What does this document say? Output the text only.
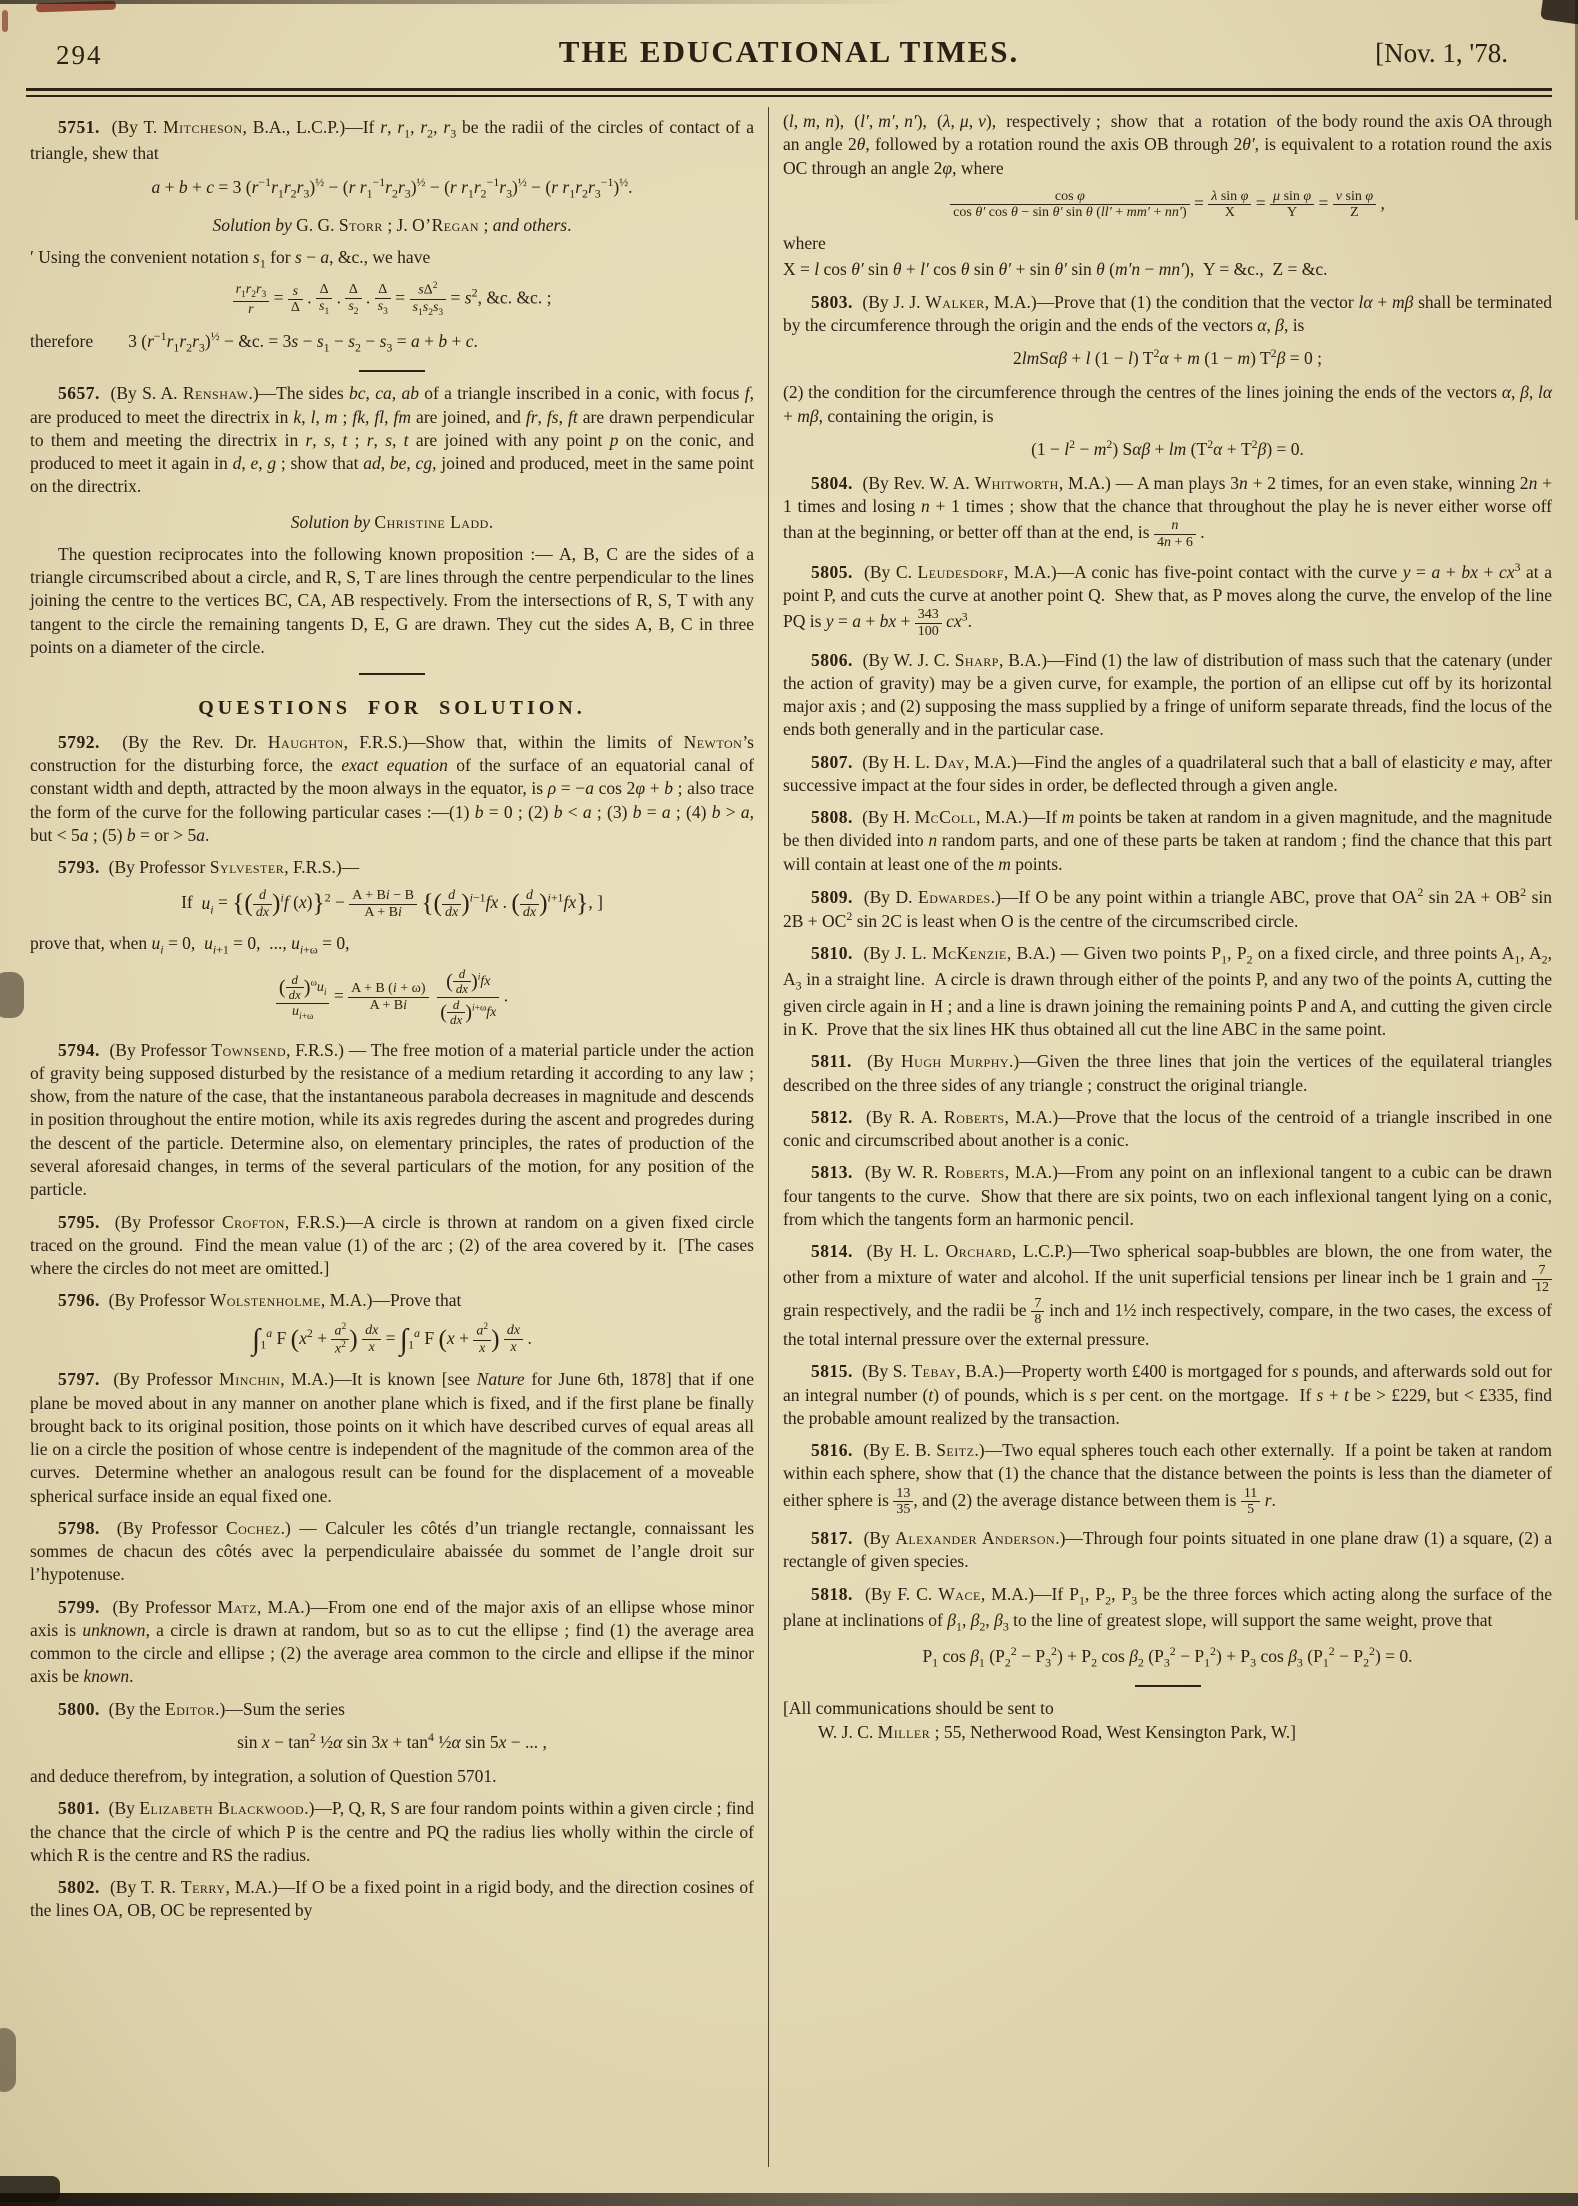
294	THE EDUCATIONAL TIMES.	[Nov. 1, '78.
5751.  (By T. Mitcheson, B.A., L.C.P.)—If r, $r_1$, $r_2$, $r_3$ be the radii of the circles of contact of a triangle, shew that
a + b + c = 3 $(r^{-1}r_1r_2r_3)^{\frac{1}{2}} - (r$ $r_1^{-1}r_2r_3)^{\frac{1}{2}} - (r$ $r_1r_2^{-1}r_3)^{\frac{1}{2}} - (r$ $r_1r_2r_3^{-1})^{\frac{1}{2}}$.
Solution by G. G. Storr ; J. O’Regan ; and others.
′ Using the convenient notation $s_1$ for s − a, &c., we have
$\frac{r_1r_2r_3}{r} = \frac{s}{\Delta}$ . $\frac{\Delta}{s_1}$ . $\frac{\Delta}{s_2}$ . $\frac{\Delta}{s_3} = \frac{s\Delta^2}{s_1s_2s_3} = s^2$, &c. &c. ;
therefore  3 $(r^{-1}r_1r_2r_3)^{\frac{1}{2}}$ − &c. = $3s - s_1 - s_2 - s_3 = a + b + c$.
5657.  (By S. A. Renshaw.)—The sides bc, ca, ab of a triangle inscribed in a conic, with focus f, are produced to meet the directrix in k, l, m ; fk, fl, fm are joined, and fr, fs, ft are drawn perpendicular to them and meeting the directrix in r, s, t ; r, s, t are joined with any point p on the conic, and produced to meet it again in d, e, g ; show that ad, be, cg, joined and produced, meet in the same point on the directrix.
Solution by Christine Ladd.
The question reciprocates into the following known proposition :— A, B, C are the sides of a triangle circumscribed about a circle, and R, S, T are lines through the centre perpendicular to the lines joining the centre to the vertices BC, CA, AB respectively. From the intersections of R, S, T with any tangent to the circle the remaining tangents D, E, G are drawn. They cut the sides A, B, C in three points on a diameter of the circle.
QUESTIONS FOR SOLUTION.
5792.  (By the Rev. Dr. Haughton, F.R.S.)—Show that, within the limits of Newton’s construction for the disturbing force, the exact equation of the surface of an equatorial canal of constant width and depth, attracted by the moon always in the equator, is ρ = −a cos 2φ + b ; also trace the form of the curve for the following particular cases :—(1) b = 0 ; (2) b < a ; (3) b = a ; (4) b > a, but < 5a ; (5) b = or > 5a.
5793.  (By Professor Sylvester, F.R.S.)—
If  $u_i$ = {( $\frac{d}{dx} )^if$ $(x)\}^2 - \frac{A + Bi - B}{A + Bi}$ {( $\frac{d}{dx} )^{i-1}fx$ . ( $\frac{d}{dx} )^{i+1}fx$}, ]
prove that, when $u_i = 0$,  $u_{i+1} = 0$,  ..., $u_{i+\omega} = 0$,
( $\frac{d}{dx} )^\omega u_i$
$u_{i+\omega}$
= $\frac{A + B (i + \omega)}{A + Bi}$
( $\frac{d}{dx} )^ifx$
( $\frac{d}{dx} )^{i+\omega}fx$
.
5794.  (By Professor Townsend, F.R.S.) — The free motion of a material particle under the action of gravity being supposed disturbed by the resistance of a medium retarding it according to any law ; show, from the nature of the case, that the instantaneous parabola decreases in magnitude and descends in position throughout the entire motion, while its axis regredes during the ascent and progredes during the descent of the particle. Determine also, on elementary principles, the rates of production of the several aforesaid changes, in terms of the several particulars of the motion, for any position of the particle.
5795.  (By Professor Crofton, F.R.S.)—A circle is thrown at random on a given fixed circle traced on the ground.  Find the mean value (1) of the arc ; (2) of the area covered by it.  [The cases where the circles do not meet are omitted.]
5796.  (By Professor Wolstenholme, M.A.)—Prove that
$\int_1^a$ F ($x^2 + \frac{a^2}{x^2}$ ) $\frac{dx}{x} = \int_1^a$ F ($x + \frac{a^2}{x}$ ) $\frac{dx}{x}$ .
5797.  (By Professor Minchin, M.A.)—It is known [see Nature for June 6th, 1878] that if one plane be moved about in any manner on another plane which is fixed, and if the first plane be finally brought back to its original position, those points on it which have described curves of equal areas all lie on a circle the position of whose centre is independent of the magnitude of the common area of the curves.  Determine whether an analogous result can be found for the displacement of a moveable spherical surface inside an equal fixed one.
5798.  (By Professor Cochez.) — Calculer les côtés d’un triangle rectangle, connaissant les sommes de chacun des côtés avec la perpendiculaire abaissée du sommet de l’angle droit sur l’hypotenuse.
5799.  (By Professor Matz, M.A.)—From one end of the major axis of an ellipse whose minor axis is unknown, a circle is drawn at random, but so as to cut the ellipse ; find (1) the average area common to the circle and ellipse ; (2) the average area common to the circle and ellipse if the minor axis be known.
5800.  (By the Editor.)—Sum the series
$\sin x - \tan^2$ ½α $\sin 3x + \tan^4$ ½α sin 5x − ... ,
and deduce therefrom, by integration, a solution of Question 5701.
5801.  (By Elizabeth Blackwood.)—P, Q, R, S are four random points within a given circle ; find the chance that the circle of which P is the centre and PQ the radius lies wholly within the circle of which R is the centre and RS the radius.
5802.  (By T. R. Terry, M.A.)—If O be a fixed point in a rigid body, and the direction cosines of the lines OA, OB, OC be represented by
(l, m, n),  (l′, m′, n′),  (λ, μ, ν),  respectively ;  show  that  a  rotation  of the body round the axis OA through an angle 2θ, followed by a rotation round the axis OB through 2θ′, is equivalent to a rotation round the axis OC through an angle 2φ, where
$\frac{\text{cos φ}}{\text{cos θ′ cos θ − sin θ′ sin θ (ll′ + mm′ + nn′)}} = \frac{\text{λ sin φ}}{X} = \frac{\text{μ sin φ}}{Y} = \frac{\text{ν sin φ}}{Z}$ ,
where
X = l cos θ′ sin θ + l′ cos θ sin θ′ + sin θ′ sin θ (m′n − mn′),  Y = &c.,  Z = &c.
5803.  (By J. J. Walker, M.A.)—Prove that (1) the condition that the vector lα + mβ shall be terminated by the circumference through the origin and the ends of the vectors α, β, is
2lmSαβ + l (1 − l) $T^2\alpha + m$ (1 − m) $T^2\beta = 0$ ;
(2) the condition for the circumference through the centres of the lines joining the ends of the vectors α, β, lα + mβ, containing the origin, is
$(1 - l^2 - m^2)$ Sαβ + lm $(T^2\alpha + T^2\beta) = 0$.
5804.  (By Rev. W. A. Whitworth, M.A.) — A man plays 3n + 2 times, for an even stake, winning 2n + 1 times and losing n + 1 times ; show that the chance that throughout the play he is never either worse off than at the beginning, or better off than at the end, is $\frac{n}{4n + 6}$ .
5805.  (By C. Leudesdorf, M.A.)—A conic has five-point contact with the curve y = a + bx + $cx^3$ at a point P, and cuts the curve at another point Q.  Shew that, as P moves along the curve, the envelop of the line PQ is y = a + bx + $\frac{343}{100} cx^3$.
5806.  (By W. J. C. Sharp, B.A.)—Find (1) the law of distribution of mass such that the catenary (under the action of gravity) may be a given curve, for example, the portion of an ellipse cut off by its horizontal major axis ; and (2) supposing the mass supplied by a fringe of uniform separate threads, find the locus of the ends both generally and in the particular case.
5807.  (By H. L. Day, M.A.)—Find the angles of a quadrilateral such that a ball of elasticity e may, after successive impact at the four sides in order, be deflected through a given angle.
5808.  (By H. McColl, M.A.)—If m points be taken at random in a given magnitude, and the magnitude be then divided into n random parts, and one of these parts be taken at random ; find the chance that this part will contain at least one of the m points.
5809.  (By D. Edwardes.)—If O be any point within a triangle ABC, prove that $OA^2$ $\sin 2A + OB^2$ $\sin 2B + OC^2$ sin 2C is least when O is the centre of the circumscribed circle.
5810.  (By J. L. McKenzie, B.A.) — Given two points $P_1$, $P_2$ on a fixed circle, and three points $A_1$, $A_2$, $A_3$ in a straight line.  A circle is drawn through either of the points P, and any two of the points A, cutting the given circle again in H ; and a line is drawn joining the remaining points P and A, and cutting the given circle in K.  Prove that the six lines HK thus obtained all cut the line ABC in the same point.
5811.  (By Hugh Murphy.)—Given the three lines that join the vertices of the equilateral triangles described on the three sides of any triangle ; construct the original triangle.
5812.  (By R. A. Roberts, M.A.)—Prove that the locus of the centroid of a triangle inscribed in one conic and circumscribed about another is a conic.
5813.  (By W. R. Roberts, M.A.)—From any point on an inflexional tangent to a cubic can be drawn four tangents to the curve.  Show that there are six points, two on each inflexional tangent lying on a conic, from which the tangents form an harmonic pencil.
5814.  (By H. L. Orchard, L.C.P.)—Two spherical soap-bubbles are blown, the one from water, the other from a mixture of water and alcohol. If the unit superficial tensions per linear inch be 1 grain and $\frac{7}{12}$
grain respectively, and the radii be $\frac{7}{8}$ inch and 1½ inch respectively, compare, in the two cases, the excess of the total internal pressure over the external pressure.
5815.  (By S. Tebay, B.A.)—Property worth £400 is mortgaged for s pounds, and afterwards sold out for an integral number (t) of pounds, which is s per cent. on the mortgage.  If s + t be > £229, but < £335, find the probable amount realized by the transaction.
5816.  (By E. B. Seitz.)—Two equal spheres touch each other externally.  If a point be taken at random within each sphere, show that (1) the chance that the distance between the points is less than the diameter of either sphere is $\frac{13}{35}$ , and (2) the average distance between them is $\frac{11}{5} r$.
5817.  (By Alexander Anderson.)—Through four points situated in one plane draw (1) a square, (2) a rectangle of given species.
5818.  (By F. C. Wace, M.A.)—If $P_1$, $P_2$, $P_3$ be the three forces which acting along the surface of the plane at inclinations of $\beta_1$, $\beta_2$, $\beta_3$ to the line of greatest slope, will support the same weight, prove that
$P_1$ $\cos \beta_1$ $(P_2^2 - P_3^2) + P_2$ $\cos \beta_2$ $(P_3^2 - P_1^2) + P_3$ $\cos \beta_3$ $(P_1^2 - P_2^2) = 0$.
[All communications should be sent to
  W. J. C. Miller ; 55, Netherwood Road, West Kensington Park, W.]
